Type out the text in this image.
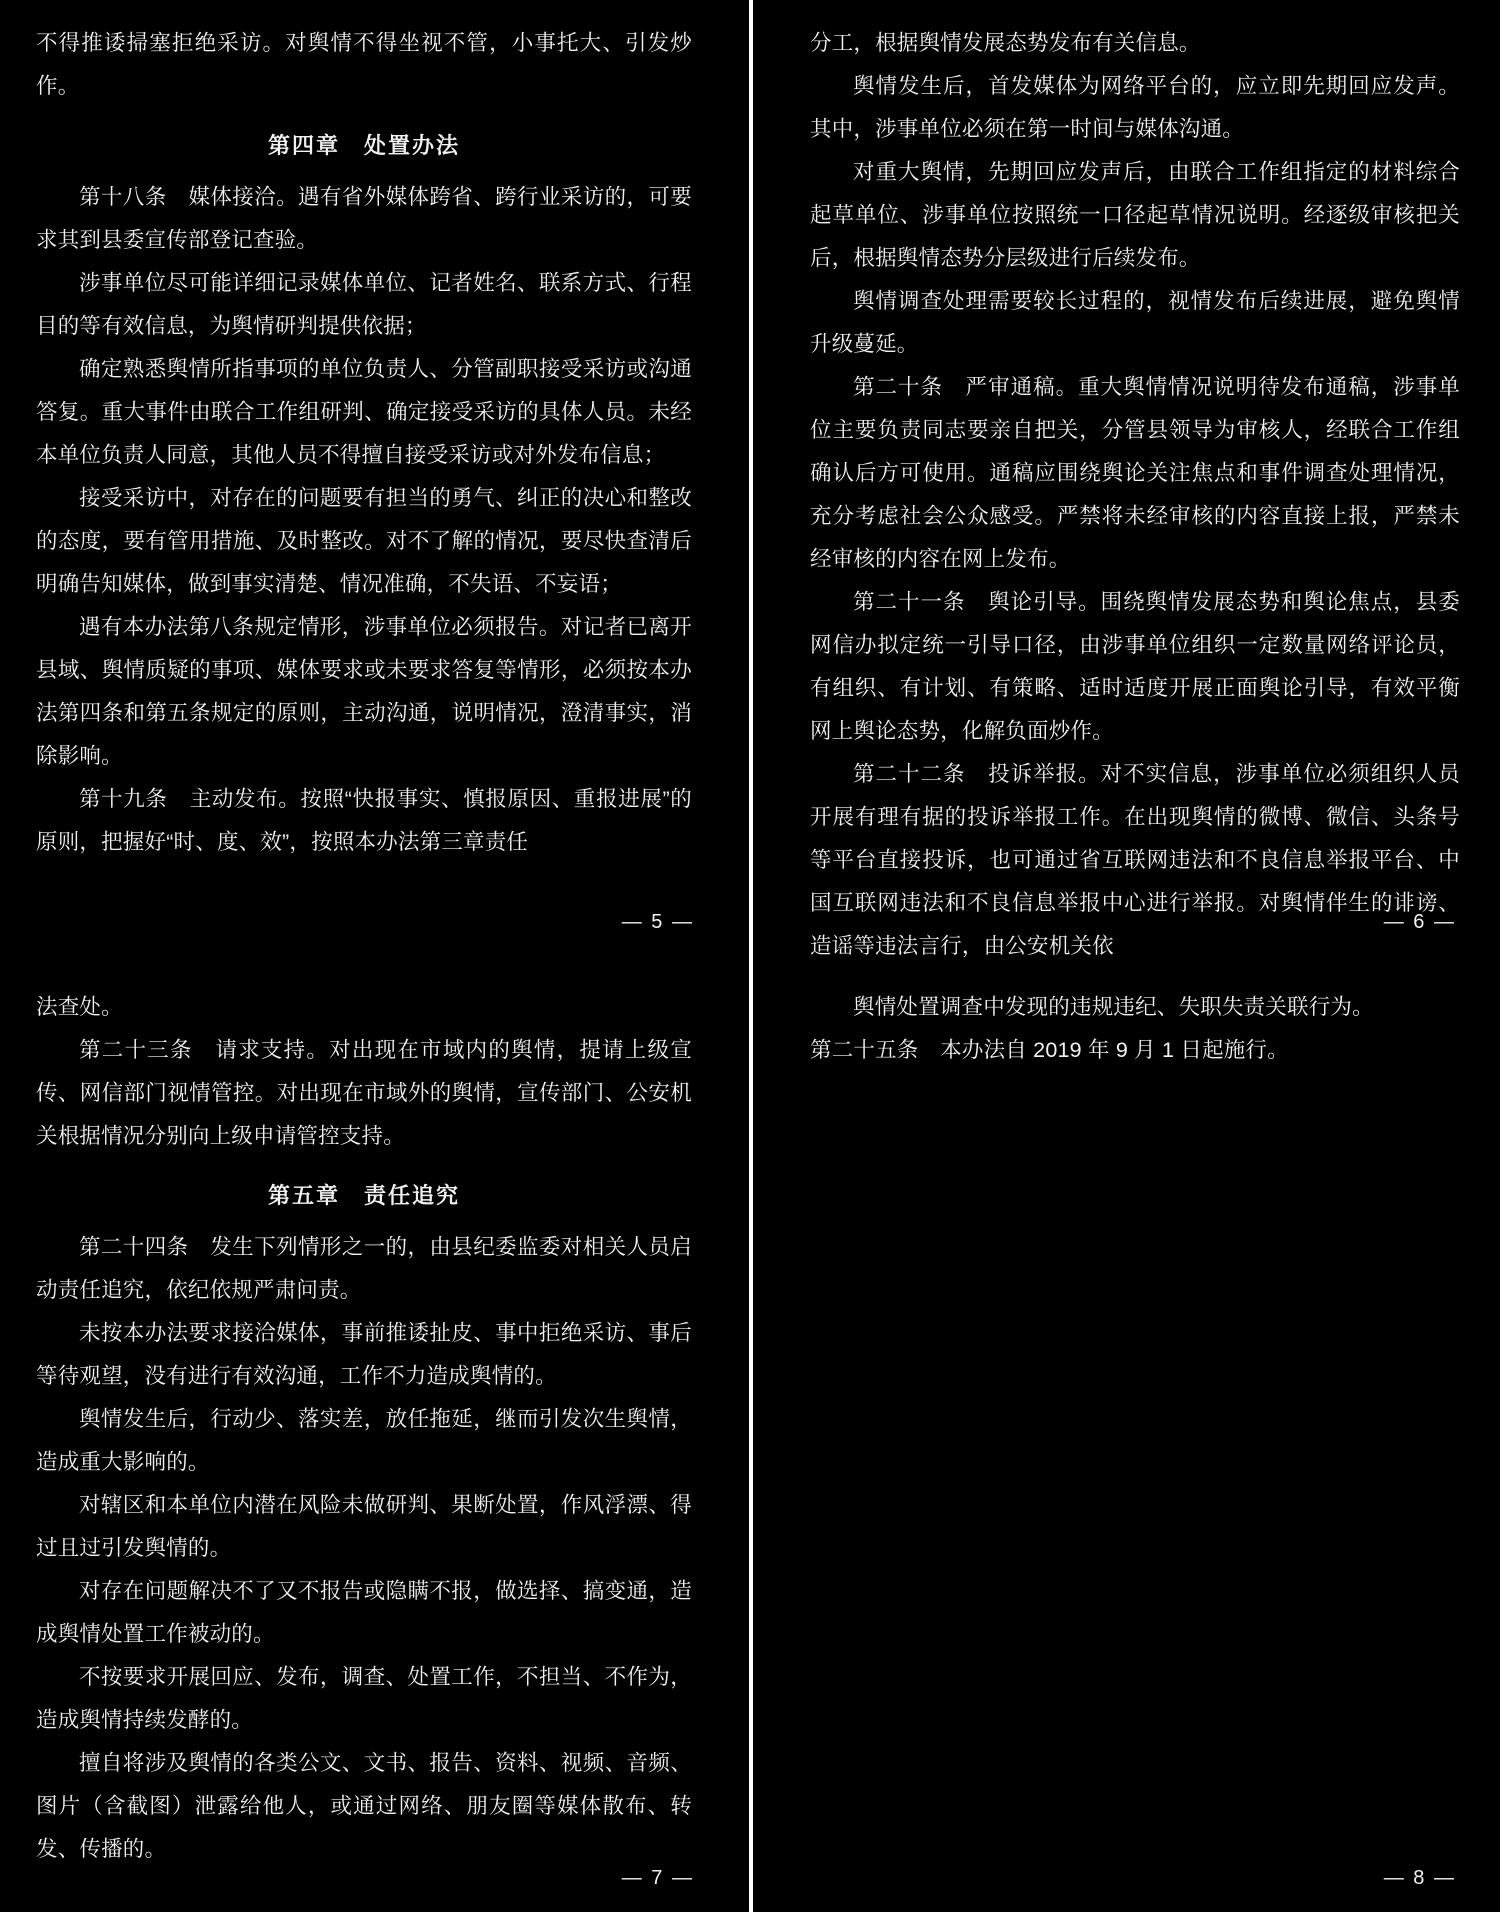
不得推诿掃塞拒绝采访。对舆情不得坐视不管，小事托大、引发炒作。

第四章　处置办法

第十八条　媒体接洽。遇有省外媒体跨省、跨行业采访的，可要求其到县委宣传部登记查验。

涉事单位尽可能详细记录媒体单位、记者姓名、联系方式、行程目的等有效信息，为舆情研判提供依据；

确定熟悉舆情所指事项的单位负责人、分管副职接受采访或沟通答复。重大事件由联合工作组研判、确定接受采访的具体人员。未经本单位负责人同意，其他人员不得擅自接受采访或对外发布信息；

接受采访中，对存在的问题要有担当的勇气、纠正的决心和整改的态度，要有管用措施、及时整改。对不了解的情况，要尽快查清后明确告知媒体，做到事实清楚、情况准确，不失语、不妄语；

遇有本办法第八条规定情形，涉事单位必须报告。对记者已离开县域、舆情质疑的事项、媒体要求或未要求答复等情形，必须按本办法第四条和第五条规定的原则，主动沟通，说明情况，澄清事实，消除影响。

第十九条　主动发布。按照“快报事实、慎报原因、重报进展”的原则，把握好“时、度、效”，按照本办法第三章责任

— 5 —

分工，根据舆情发展态势发布有关信息。

舆情发生后，首发媒体为网络平台的，应立即先期回应发声。其中，涉事单位必须在第一时间与媒体沟通。

对重大舆情，先期回应发声后，由联合工作组指定的材料综合起草单位、涉事单位按照统一口径起草情况说明。经逐级审核把关后，根据舆情态势分层级进行后续发布。

舆情调查处理需要较长过程的，视情发布后续进展，避免舆情升级蔓延。

第二十条　严审通稿。重大舆情情况说明待发布通稿，涉事单位主要负责同志要亲自把关，分管县领导为审核人，经联合工作组确认后方可使用。通稿应围绕舆论关注焦点和事件调查处理情况，充分考虑社会公众感受。严禁将未经审核的内容直接上报，严禁未经审核的内容在网上发布。

第二十一条　舆论引导。围绕舆情发展态势和舆论焦点，县委网信办拟定统一引导口径，由涉事单位组织一定数量网络评论员，有组织、有计划、有策略、适时适度开展正面舆论引导，有效平衡网上舆论态势，化解负面炒作。

第二十二条　投诉举报。对不实信息，涉事单位必须组织人员开展有理有据的投诉举报工作。在出现舆情的微博、微信、头条号等平台直接投诉，也可通过省互联网违法和不良信息举报平台、中国互联网违法和不良信息举报中心进行举报。对舆情伴生的诽谤、造谣等违法言行，由公安机关依

— 6 —

法查处。

第二十三条　请求支持。对出现在市域内的舆情，提请上级宣传、网信部门视情管控。对出现在市域外的舆情，宣传部门、公安机关根据情况分别向上级申请管控支持。

第五章　责任追究

第二十四条　发生下列情形之一的，由县纪委监委对相关人员启动责任追究，依纪依规严肃问责。

未按本办法要求接洽媒体，事前推诿扯皮、事中拒绝采访、事后等待观望，没有进行有效沟通，工作不力造成舆情的。

舆情发生后，行动少、落实差，放任拖延，继而引发次生舆情，造成重大影响的。

对辖区和本单位内潜在风险未做研判、果断处置，作风浮漂、得过且过引发舆情的。

对存在问题解决不了又不报告或隐瞒不报，做选择、搞变通，造成舆情处置工作被动的。

不按要求开展回应、发布，调查、处置工作，不担当、不作为，造成舆情持续发酵的。

擅自将涉及舆情的各类公文、文书、报告、资料、视频、音频、图片（含截图）泄露给他人，或通过网络、朋友圈等媒体散布、转发、传播的。

— 7 —

舆情处置调查中发现的违规违纪、失职失责关联行为。

第二十五条　本办法自 2019 年 9 月 1 日起施行。

— 8 —
